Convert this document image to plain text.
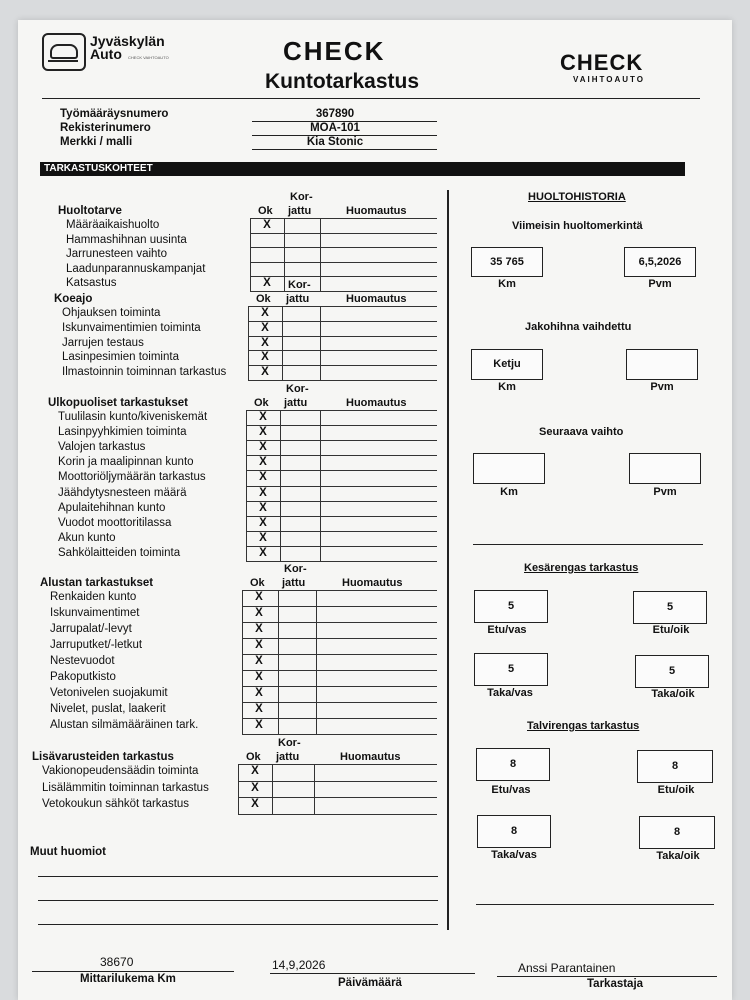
Jyväskylän
Auto	CHECK VAIHTOAUTO	CHECK
Kuntotarkastus
CHECK
VAIHTOAUTO
Työmääräysnumero	367890
Rekisterinumero	MOA-101
Merkki / malli	Kia Stonic
TARKASTUSKOHTEET
Kor-
jattu
Ok	Huomautus
Huoltotarve
Määräaikaishuolto	X
Hammashihnan uusinta
Jarrunesteen vaihto
Laadunparannuskampanjat
Katsastus	X	Kor-
jattu
Ok	Huomautus
Koeajo
Ohjauksen toiminta	X
Iskunvaimentimien toiminta	X
Jarrujen testaus	X
Lasinpesimien toiminta	X
Ilmastoinnin toiminnan tarkastus	X
Kor-
jattu
Ok	Huomautus
Ulkopuoliset tarkastukset
Tuulilasin kunto/kiveniskemät	X
Lasinpyyhkimien toiminta	X
Valojen tarkastus	X
Korin ja maalipinnan kunto	X
Moottoriöljymäärän tarkastus	X
Jäähdytysnesteen määrä	X
Apulaitehihnan kunto	X
Vuodot moottoritilassa	X
Akun kunto	X
Sahkölaitteiden toiminta	X
Kor-
jattu
Ok	Huomautus
Alustan tarkastukset
Renkaiden kunto	X
Iskunvaimentimet	X
Jarrupalat/-levyt	X
Jarruputket/-letkut	X
Nestevuodot	X
Pakoputkisto	X
Vetonivelen suojakumit	X
Nivelet, puslat, laakerit	X
Alustan silmämääräinen tark.	X
Kor-
jattu
Ok	Huomautus
Lisävarusteiden tarkastus
Vakionopeudensäädin toiminta	X
Lisälämmitin toiminnan tarkastus	X
Vetokoukun sähköt tarkastus	X
Muut huomiot
HUOLTOHISTORIA
Viimeisin huoltomerkintä
35 765
Km
6,5,2026
Pvm
Jakohihna vaihdettu
Ketju
Km	Pvm
Seuraava vaihto
Km	Pvm
Kesärengas tarkastus
5
Etu/vas
5
Etu/oik
5
Taka/vas
5
Taka/oik
Talvirengas tarkastus
8
Etu/vas
8
Etu/oik
8
Taka/vas
8
Taka/oik
38670
Mittarilukema Km
14,9,2026
Päivämäärä
Anssi Parantainen
Tarkastaja
